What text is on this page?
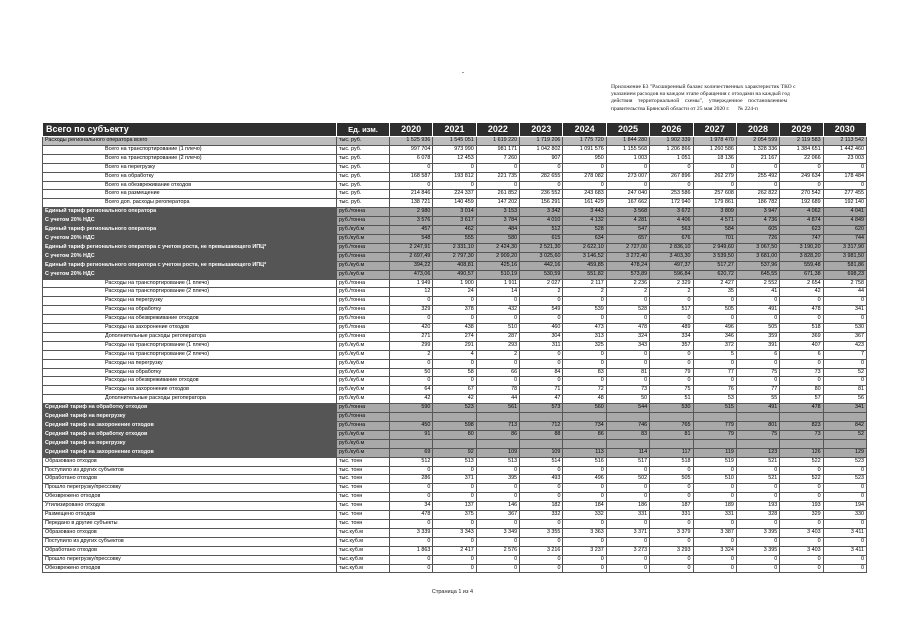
Приложение Б3 "Расширенный баланс количественных характеристик ТКО с
указанием расходов на каждом этапе обращения с отходами на каждый год
действия    территориальной    схемы",    утвержденное    постановлением
правительства Брянской области от 25 мая 2020 г.      № 224-п
Всего по субъекту	Ед. изм.	2020	2021	2022	2023	2024	2025	2026	2027	2028	2029	2030
Расходы регионального оператора всего	тыс. руб.	1 525 936	1 545 051	1 619 220	1 719 206	1 775 720	1 844 280	1 902 339	1 978 470	2 054 599	2 119 583	2 113 542
Всего на транспортирование (1 плечо)	тыс. руб.	997 704	973 990	981 171	1 042 802	1 091 576	1 155 568	1 206 866	1 260 586	1 328 336	1 384 651	1 442 460
Всего на транспортирование (2 плечо)	тыс. руб.	6 078	12 453	7 260	907	950	1 003	1 051	18 136	21 167	22 066	23 003
Всего на перегрузку	тыс. руб.	0	0	0	0	0	0	0	0	0	0	0
Всего на обработку	тыс. руб.	168 587	193 812	221 735	282 655	278 082	273 007	267 896	262 279	255 492	249 634	178 484
Всего на обезвреживание отходов	тыс. руб.	0	0	0	0	0	0	0	0	0	0	0
Всего на размещение	тыс. руб.	214 846	224 337	261 852	236 552	243 683	247 040	253 586	257 608	262 822	270 542	277 455
Всего доп. расходы регоператора	тыс. руб.	138 721	140 459	147 202	156 291	161 429	167 662	172 940	179 861	186 782	192 689	192 140
Единый тариф регионального оператора	руб./тонна	2 980	3 014	3 153	3 342	3 443	3 568	3 672	3 809	3 947	4 062	4 041
С учетом 20% НДС	руб./тонна	3 576	3 617	3 784	4 010	4 132	4 281	4 406	4 571	4 736	4 874	4 849
Единый тариф регионального оператора	руб./куб.м	457	462	484	512	528	547	563	584	605	623	620
С учетом 20% НДС	руб./куб.м	548	555	580	615	634	657	676	701	726	747	744
Единый тариф регионального оператора с учетом роста, не превышающего ИПЦ*	руб./тонна	2 247,91	2 331,10	2 424,30	2 521,30	2 622,10	2 727,00	2 836,10	2 949,60	3 067,50	3 190,20	3 317,90
С учетом 20% НДС	руб./тонна	2 697,49	2 797,30	2 909,20	3 025,60	3 146,52	3 272,40	3 403,30	3 539,50	3 681,00	3 828,20	3 981,50
Единый тариф регионального оператора с учетом роста, не превышающего ИПЦ*	руб./куб.м	394,22	408,81	425,16	442,16	459,85	478,24	497,37	517,27	537,96	559,48	581,86
С учетом 20% НДС	руб./куб.м	473,06	490,57	510,19	530,59	551,82	573,89	596,84	620,72	645,55	671,38	698,23
Расходы на транспортирование (1 плечо)	руб./тонна	1 949	1 900	1 911	2 027	2 117	2 236	2 329	2 427	2 552	2 654	2 758
Расходы на транспортирование (2 плечо)	руб./тонна	12	24	14	2	2	2	2	35	41	42	44
Расходы на перегрузку	руб./тонна	0	0	0	0	0	0	0	0	0	0	0
Расходы на обработку	руб./тонна	329	378	432	549	539	528	517	505	491	478	341
Расходы на обезвреживание отходов	руб./тонна	0	0	0	0	0	0	0	0	0	0	0
Расходы на захоронение отходов	руб./тонна	420	438	510	460	473	478	489	496	505	518	530
Дополнительные расходы регоператора	руб./тонна	271	274	287	304	313	324	334	346	359	369	367
Расходы на транспортирование (1 плечо)	руб./куб.м	299	291	293	311	325	343	357	372	391	407	423
Расходы на транспортирование (2 плечо)	руб./куб.м	2	4	2	0	0	0	0	5	6	6	7
Расходы на перегрузку	руб./куб.м	0	0	0	0	0	0	0	0	0	0	0
Расходы на обработку	руб./куб.м	50	58	66	84	83	81	79	77	75	73	52
Расходы на обезвреживание отходов	руб./куб.м	0	0	0	0	0	0	0	0	0	0	0
Расходы на захоронение отходов	руб./куб.м	64	67	78	71	72	73	75	76	77	80	81
Дополнительные расходы регоператора	руб./куб.м	42	42	44	47	48	50	51	53	55	57	56
Средний тариф на обработку отходов	руб./тонна	590	523	561	573	560	544	530	515	491	478	341
Средний тариф на перегрузку	руб./тонна											
Средний тариф на захоронение отходов	руб./тонна	450	598	713	712	734	746	765	779	801	823	842
Средний тариф на обработку отходов	руб./куб.м	91	80	86	88	86	83	81	79	75	73	52
Средний тариф на перегрузку	руб./куб.м											
Средний тариф на захоронение отходов	руб./куб.м	69	92	109	109	113	114	117	119	123	126	129
Образовано отходов	тыс. тонн	512	513	513	514	516	517	518	519	521	522	523
Поступило из других субъектов	тыс. тонн	0	0	0	0	0	0	0	0	0	0	0
Обработано отходов	тыс. тонн	286	371	395	493	496	502	505	510	521	522	523
Прошло перегрузку/прессовку	тыс. тонн	0	0	0	0	0	0	0	0	0	0	0
Обезврежено отходов	тыс. тонн	0	0	0	0	0	0	0	0	0	0	0
Утилизировано отходов	тыс. тонн	34	137	146	182	184	186	187	189	193	193	194
Размещено отходов	тыс. тонн	478	375	367	332	332	331	331	331	328	329	330
Передано в другие субъекты	тыс. тонн	0	0	0	0	0	0	0	0	0	0	0
Образовано отходов	тыс.куб.м	3 339	3 343	3 349	3 355	3 363	3 371	3 379	3 387	3 395	3 403	3 411
Поступило из других субъектов	тыс.куб.м	0	0	0	0	0	0	0	0	0	0	0
Обработано отходов	тыс.куб.м	1 863	2 417	2 576	3 216	3 237	3 273	3 293	3 324	3 395	3 403	3 411
Прошло перегрузку/прессовку	тыс.куб.м	0	0	0	0	0	0	0	0	0	0	0
Обезврежено отходов	тыс.куб.м	0	0	0	0	0	0	0	0	0	0	0
Страница 1 из 4
